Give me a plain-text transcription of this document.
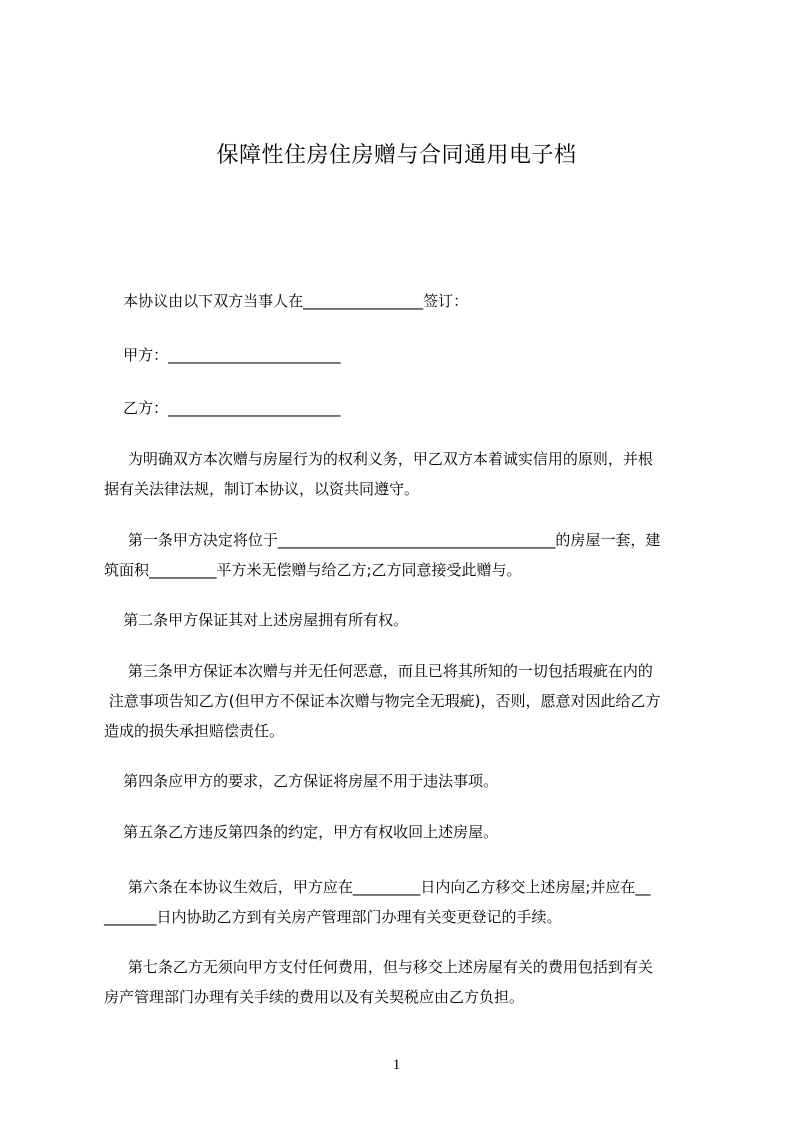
保障性住房住房赠与合同通用电子档
本协议由以下双方当事人在________________签订：
甲方：_______________________
乙方：_______________________
为明确双方本次赠与房屋行为的权利义务，甲乙双方本着诚实信用的原则，并根
据有关法律法规，制订本协议，以资共同遵守。
第一条甲方决定将位于_____________________________________的房屋一套，建
筑面积_________平方米无偿赠与给乙方;乙方同意接受此赠与。
第二条甲方保证其对上述房屋拥有所有权。
第三条甲方保证本次赠与并无任何恶意，而且已将其所知的一切包括瑕疵在内的
注意事项告知乙方(但甲方不保证本次赠与物完全无瑕疵)，否则，愿意对因此给乙方
造成的损失承担赔偿责任。
第四条应甲方的要求，乙方保证将房屋不用于违法事项。
第五条乙方违反第四条的约定，甲方有权收回上述房屋。
第六条在本协议生效后，甲方应在_________日内向乙方移交上述房屋;并应在__
_______日内协助乙方到有关房产管理部门办理有关变更登记的手续。
第七条乙方无须向甲方支付任何费用，但与移交上述房屋有关的费用包括到有关
房产管理部门办理有关手续的费用以及有关契税应由乙方负担。
1
